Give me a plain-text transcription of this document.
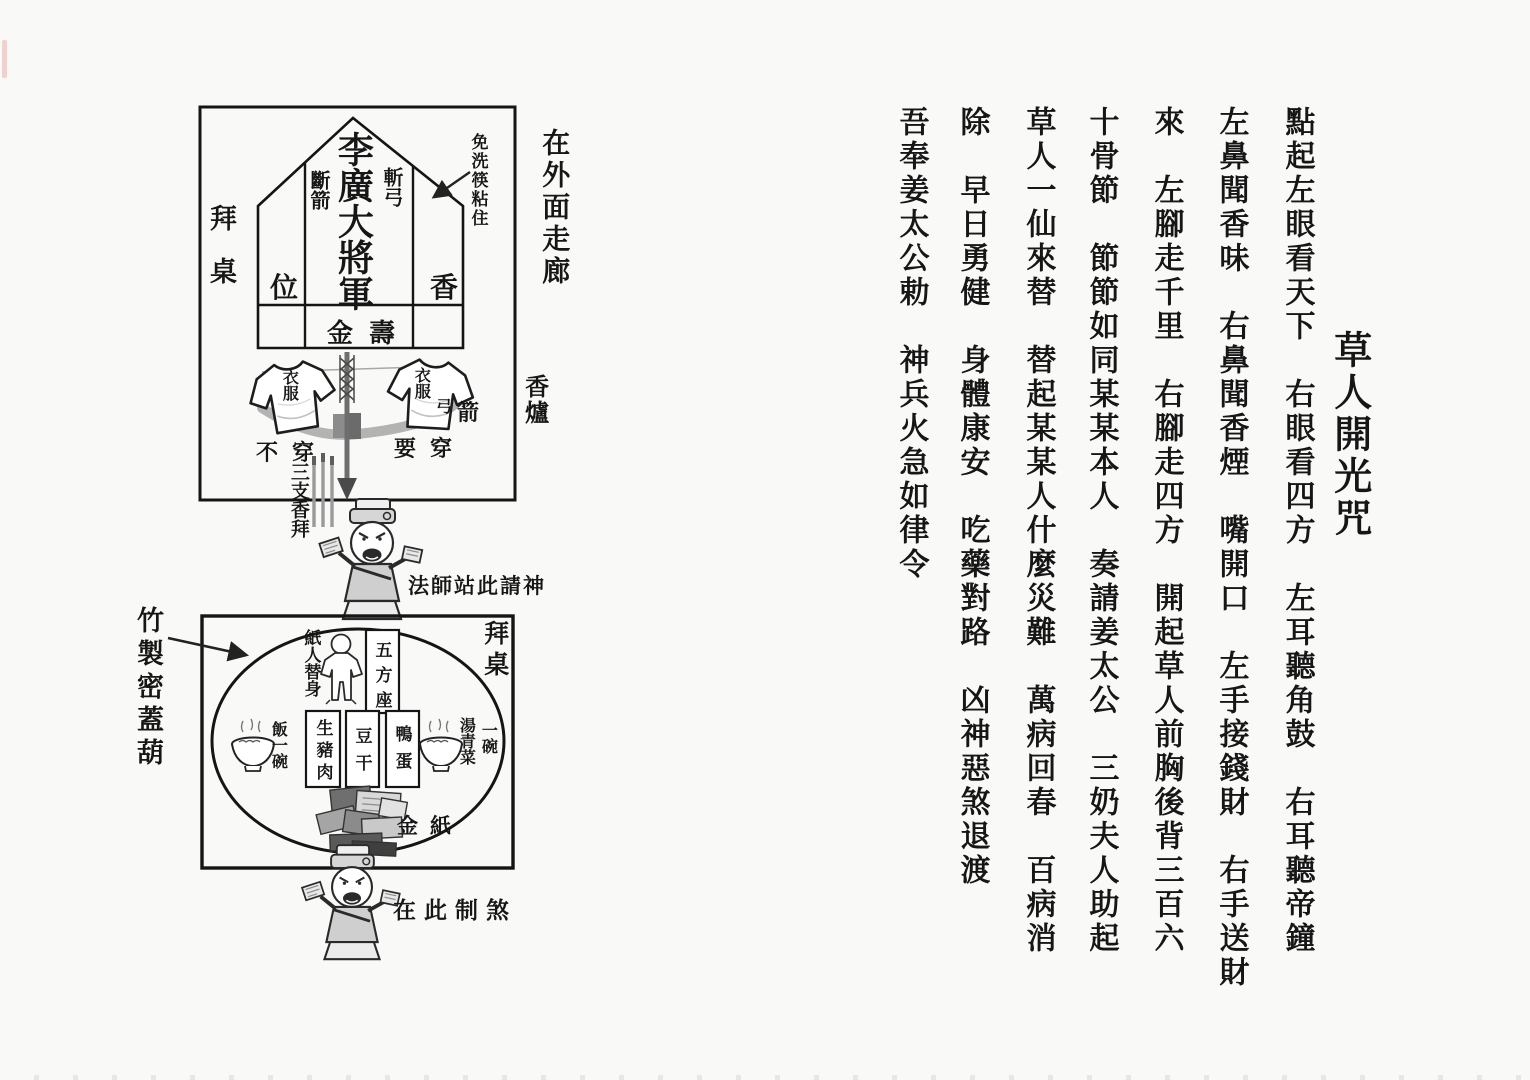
李廣大將軍
斷箭	斬弓
位	香
金壽
拜桌
免洗筷粘住 在外面走廊
香爐
衣服	衣服
弓 箭
不穿	要穿
三支香拜
法師站此請神
竹製密蓋葫	拜桌
紙人替身	五方座
生豬肉 豆干 鴨蛋
飯一碗	湯青菜 一碗
金紙
在此制煞
草人開光咒
點起左眼看天下　右眼看四方　左耳聽角鼓　右耳聽帝鐘
左鼻聞香味　右鼻聞香煙　嘴開口　左手接錢財　右手送財
來　左腳走千里　右腳走四方　開起草人前胸後背三百六
十骨節　節節如同某某本人　奏請姜太公　三奶夫人助起
草人一仙來替　替起某某人什麼災難　萬病回春　百病消
除　早日勇健　身體康安　吃藥對路　凶神惡煞退渡
吾奉姜太公勅　神兵火急如律令
